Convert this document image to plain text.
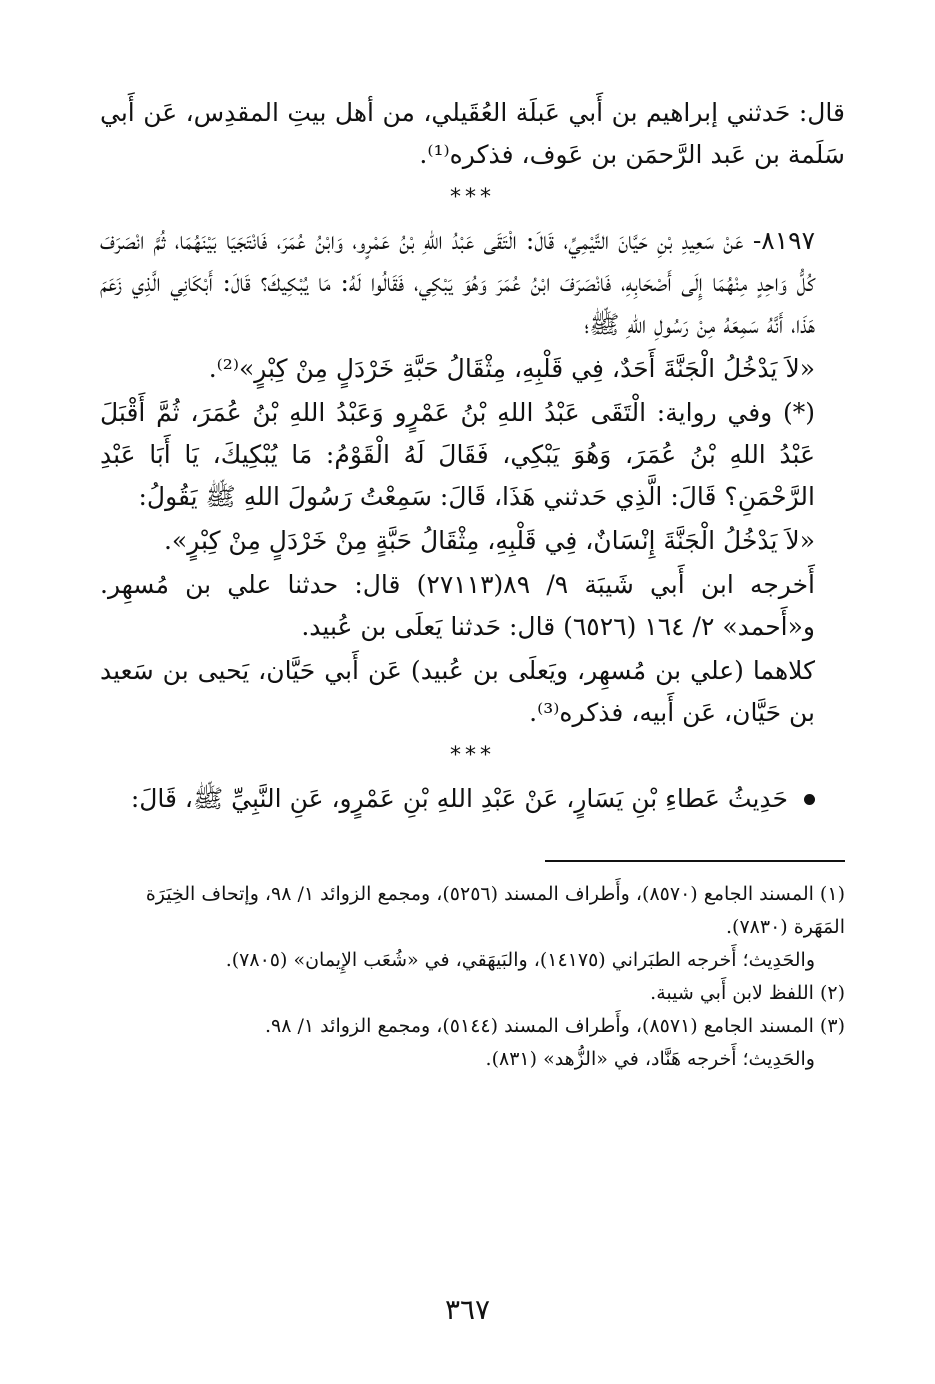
قال: حَدثني إبراهيم بن أَبي عَبلَة العُقَيلي، من أهل بيتِ المقدِس، عَن أَبي سَلَمة بن عَبد الرَّحمَن بن عَوف، فذكره⁽¹⁾.

***

٨١٩٧- عَنْ سَعِيدِ بْنِ حَيَّانَ التَّيْمِيِّ، قَالَ: الْتَقَى عَبْدُ اللهِ بْنُ عَمْرٍو، وَابْنُ عُمَرَ، فَانْتَجَيَا بَيْنَهُمَا، ثُمَّ انْصَرَفَ كُلُّ وَاحِدٍ مِنْهُمَا إِلَى أَصْحَابِهِ، فَانْصَرَفَ ابْنُ عُمَرَ وَهُوَ يَبْكِي، فَقَالُوا لَهُ: مَا يُبْكِيكَ؟ قَالَ: أَبْكَانِي الَّذِي زَعَمَ هَذَا، أَنَّهُ سَمِعَهُ مِنْ رَسُولِ اللهِ ﷺ؛

«لاَ يَدْخُلُ الْجَنَّةَ أَحَدٌ، فِي قَلْبِهِ، مِثْقَالُ حَبَّةِ خَرْدَلٍ مِنْ كِبْرٍ»⁽²⁾.

(*) وفي رواية: الْتَقَى عَبْدُ اللهِ بْنُ عَمْرٍو وَعَبْدُ اللهِ بْنُ عُمَرَ، ثُمَّ أَقْبَلَ عَبْدُ اللهِ بْنُ عُمَرَ، وَهُوَ يَبْكِي، فَقَالَ لَهُ الْقَوْمُ: مَا يُبْكِيكَ، يَا أَبَا عَبْدِ الرَّحْمَنِ؟ قَالَ: الَّذِي حَدثني هَذَا، قَالَ: سَمِعْتُ رَسُولَ اللهِ ﷺ يَقُولُ:

«لاَ يَدْخُلُ الْجَنَّةَ إِنْسَانٌ، فِي قَلْبِهِ، مِثْقَالُ حَبَّةٍ مِنْ خَرْدَلٍ مِنْ كِبْرٍ».

أَخرجه ابن أَبي شَيبَة ٩/ ٨٩(٢٧١١٣) قال: حدثنا علي بن مُسهِر. و«أَحمد» ٢/ ١٦٤ (٦٥٢٦) قال: حَدثنا يَعلَى بن عُبيد.

كلاهما (علي بن مُسهِر، ويَعلَى بن عُبيد) عَن أَبي حَيَّان، يَحيى بن سَعيد بن حَيَّان، عَن أَبيه، فذكره⁽³⁾.

***
حَدِيثُ عَطاءِ بْنِ يَسَارٍ، عَنْ عَبْدِ اللهِ بْنِ عَمْرٍو، عَنِ النَّبِيِّ ﷺ، قَالَ:

(١) المسند الجامع (٨٥٧٠)، وأَطراف المسند (٥٢٥٦)، ومجمع الزوائد ١/ ٩٨، وإتحاف الخِيَرَة المَهَرة (٧٨٣٠).

والحَدِيث؛ أَخرجه الطبَراني (١٤١٧٥)، والبَيهَقي، في «شُعَب الإِيمان» (٧٨٠٥).

(٢) اللفظ لابن أَبي شيبة.

(٣) المسند الجامع (٨٥٧١)، وأَطراف المسند (٥١٤٤)، ومجمع الزوائد ١/ ٩٨.

والحَدِيث؛ أَخرجه هَنَّاد، في «الزُّهد» (٨٣١).

٣٦٧
